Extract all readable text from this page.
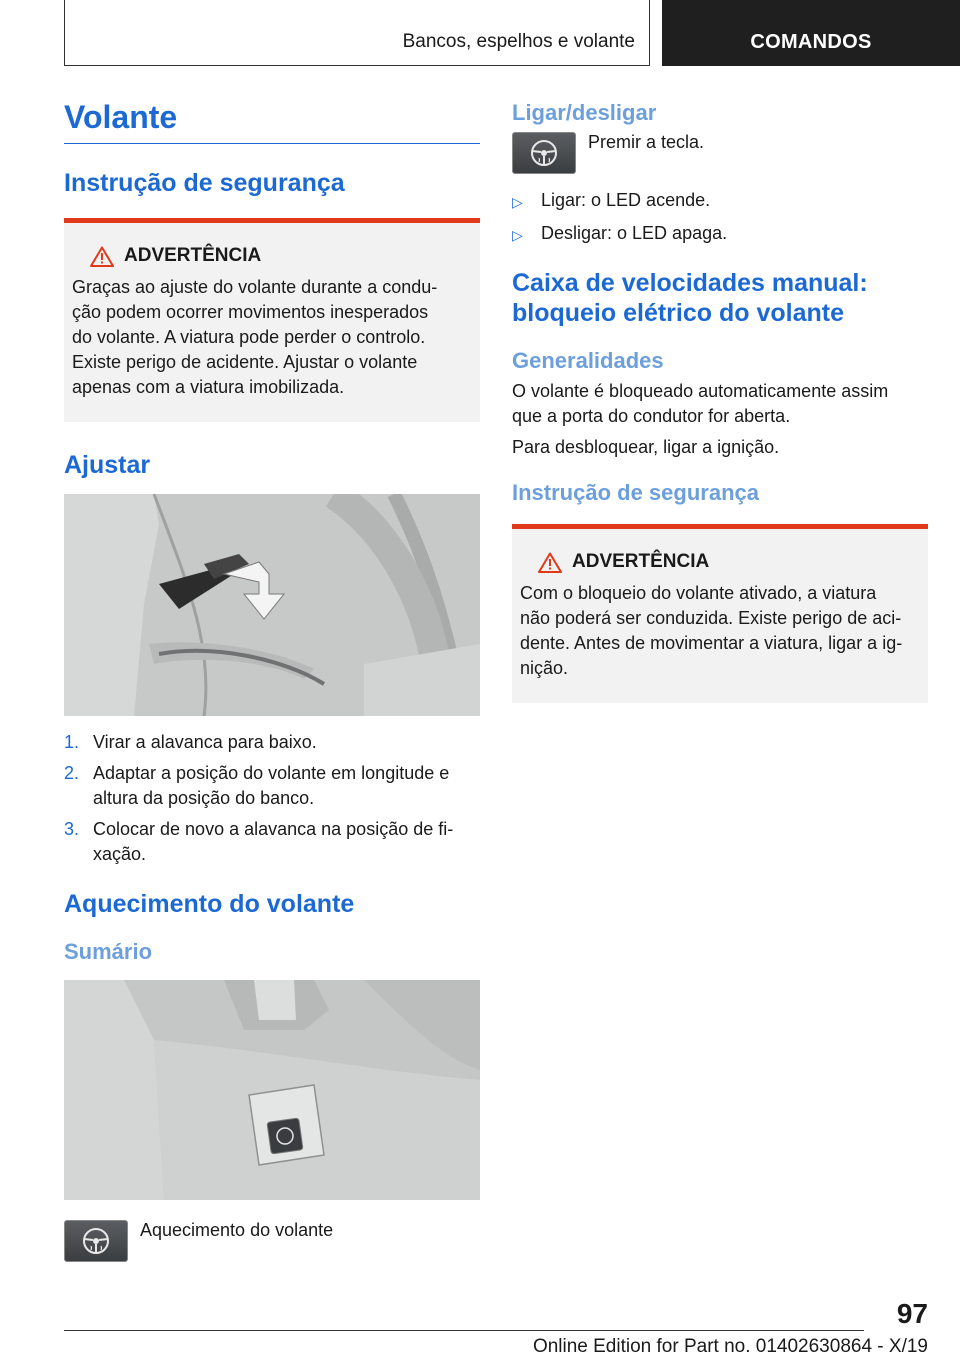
Bancos, espelhos e volante	COMANDOS
Volante
Instrução de segurança
ADVERTÊNCIA
Graças ao ajuste do volante durante a condu-
ção podem ocorrer movimentos inesperados
do volante. A viatura pode perder o controlo.
Existe perigo de acidente. Ajustar o volante
apenas com a viatura imobilizada.
Ajustar
1. Virar a alavanca para baixo.
2. Adaptar a posição do volante em longitude e
altura da posição do banco.
3. Colocar de novo a alavanca na posição de fi-
xação.
Aquecimento do volante
Sumário
Aquecimento do volante
Ligar/desligar
Premir a tecla.
▷	Ligar: o LED acende.
▷	Desligar: o LED apaga.
Caixa de velocidades manual:
bloqueio elétrico do volante
Generalidades
O volante é bloqueado automaticamente assim
que a porta do condutor for aberta.
Para desbloquear, ligar a ignição.
Instrução de segurança
ADVERTÊNCIA
Com o bloqueio do volante ativado, a viatura
não poderá ser conduzida. Existe perigo de aci-
dente. Antes de movimentar a viatura, ligar a ig-
nição.
97
Online Edition for Part no. 01402630864 - X/19
